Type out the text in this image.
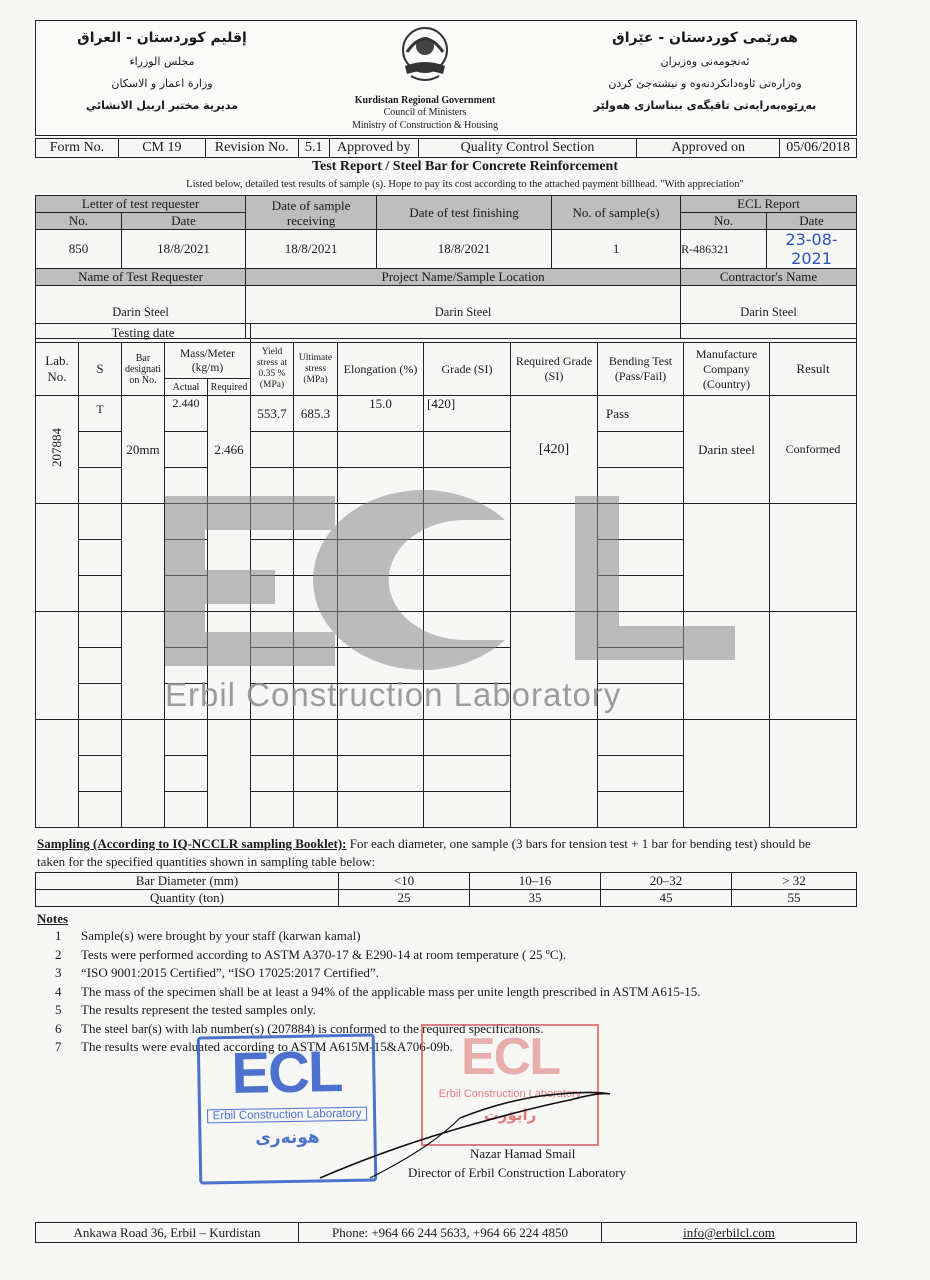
إقليم كوردستان - العراق
مجلس الوزراء
وزارة اعمار و الاسكان
مديرية مختبر اربيل الانشائي	Kurdistan Regional Government
Council of Ministers
Ministry of Construction & Housing
هەرێمی کوردستان - عێراق
ئەنجومەنی وەزیران
وەزارەتی ئاوەدانکردنەوە و نیشتەجێ کردن
بەڕێوەبەرایەتی تاقیگەی بیناسازی هەولێر
Form No.	CM 19	Revision No.	5.1	Approved by	Quality Control Section	Approved on	05/06/2018
Test Report / Steel Bar for Concrete Reinforcement
Listed below, detailed test results of sample (s). Hope to pay its cost according to the attached payment billhead. "With appreciation"
Letter of test requester		Date of sample receiving	Date of test finishing	No. of sample(s)	ECL Report	
No.	Date				No.	Date
850	18/8/2021	18/8/2021	18/8/2021	1	R-486321	23-08-2021
Name of Test Requester		Project Name/Sample Location			Contractor's Name	
Darin Steel		Darin Steel			Darin Steel	
Testing date												
Lab. No.	S	Bar designati on No.	Mass/Meter (kg/m)		Yield stress at 0.35 % (MPa)	Ultimate stress (MPa)	Elongation (%)	Grade (SI)	Required Grade (SI)	Bending Test (Pass/Fail)	Manufacture Company (Country)	Result
			Actual	Required								
207884	T	20mm	2.440	2.466	553.7	685.3	15.0	[420]	[420]	Pass	Darin steel	Conformed

Erbil Construction Laboratory
Sampling (According to IQ-NCCLR sampling Booklet): For each diameter, one sample (3 bars for tension test + 1 bar for bending test) should be taken for the specified quantities shown in sampling table below:
Bar Diameter (mm)	<10	10–16	20–32	> 32
Quantity (ton)	25	35	45	55
Notes
1	Sample(s) were brought by your staff (karwan kamal)
2	Tests were performed according to ASTM A370-17 & E290-14 at room temperature ( 25 ºC).
3	“ISO 9001:2015 Certified”, “ISO 17025:2017 Certified”.
4	The mass of the specimen shall be at least a 94% of the applicable mass per unite length prescribed in ASTM A615-15.
5	The results represent the tested samples only.
6	The steel bar(s) with lab number(s) (207884) is conformed to the required specifications.
7	The results were evaluated according to ASTM A615M-15&A706-09b.
ECL
Erbil Construction Laboratory
هونەری
ECL
Erbil Construction Laboratory
راپۆرت
Nazar Hamad Smail
Director of Erbil Construction Laboratory
Ankawa Road 36, Erbil – Kurdistan	Phone: +964 66 244 5633, +964 66 224 4850	info@erbilcl.com
